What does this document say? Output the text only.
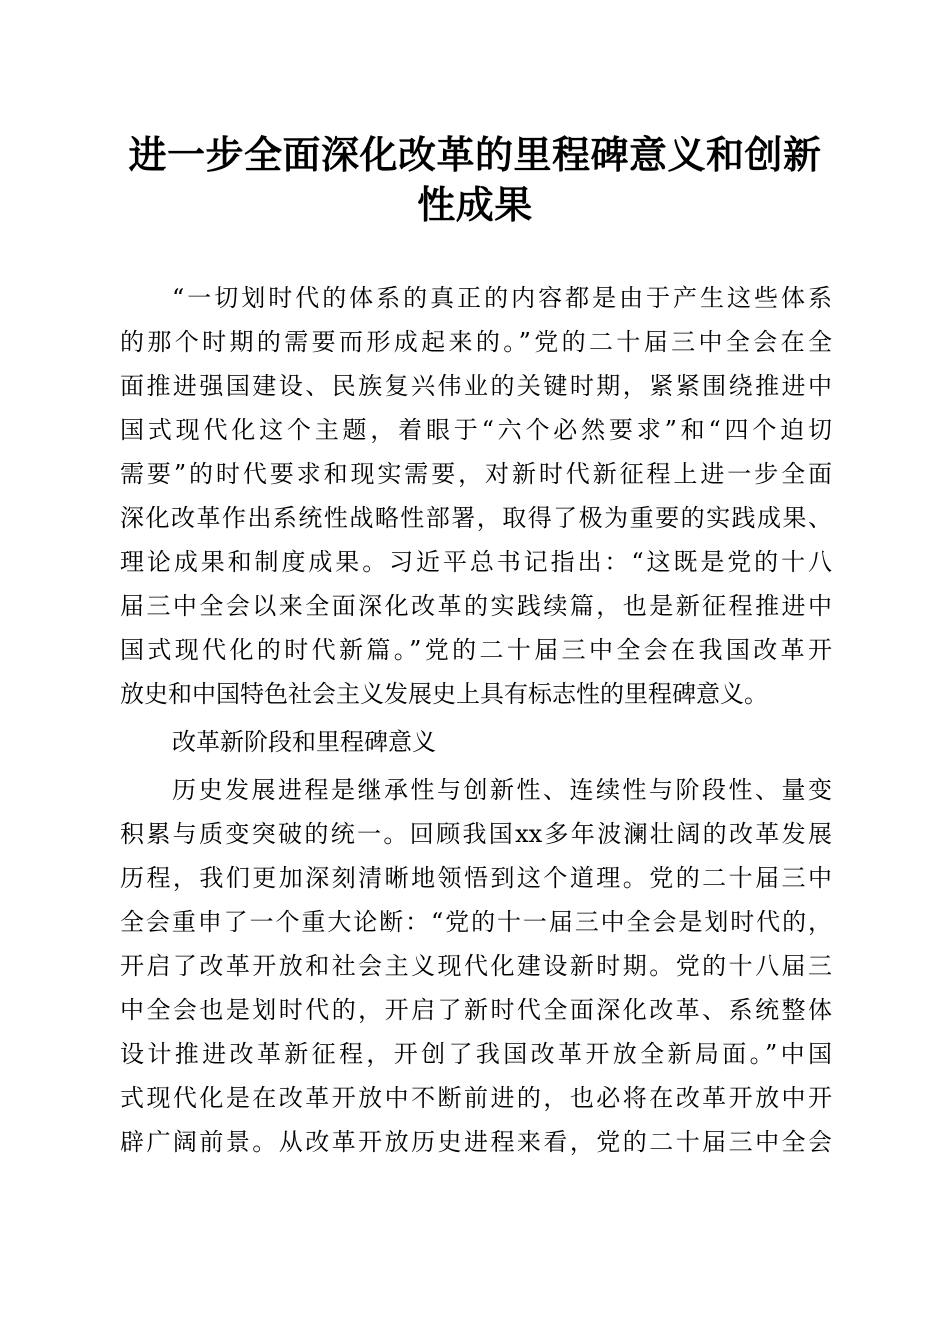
进一步全面深化改革的里程碑意义和创新性成果
“一切划时代的体系的真正的内容都是由于产生这些体系
的那个时期的需要而形成起来的。”党的二十届三中全会在全
面推进强国建设、民族复兴伟业的关键时期，紧紧围绕推进中
国式现代化这个主题，着眼于“六个必然要求”和“四个迫切
需要”的时代要求和现实需要，对新时代新征程上进一步全面
深化改革作出系统性战略性部署，取得了极为重要的实践成果、
理论成果和制度成果。习近平总书记指出：“这既是党的十八
届三中全会以来全面深化改革的实践续篇，也是新征程推进中
国式现代化的时代新篇。”党的二十届三中全会在我国改革开
放史和中国特色社会主义发展史上具有标志性的里程碑意义。
改革新阶段和里程碑意义
历史发展进程是继承性与创新性、连续性与阶段性、量变
积累与质变突破的统一。回顾我国xx多年波澜壮阔的改革发展
历程，我们更加深刻清晰地领悟到这个道理。党的二十届三中
全会重申了一个重大论断：“党的十一届三中全会是划时代的，
开启了改革开放和社会主义现代化建设新时期。党的十八届三
中全会也是划时代的，开启了新时代全面深化改革、系统整体
设计推进改革新征程，开创了我国改革开放全新局面。”中国
式现代化是在改革开放中不断前进的，也必将在改革开放中开
辟广阔前景。从改革开放历史进程来看，党的二十届三中全会
